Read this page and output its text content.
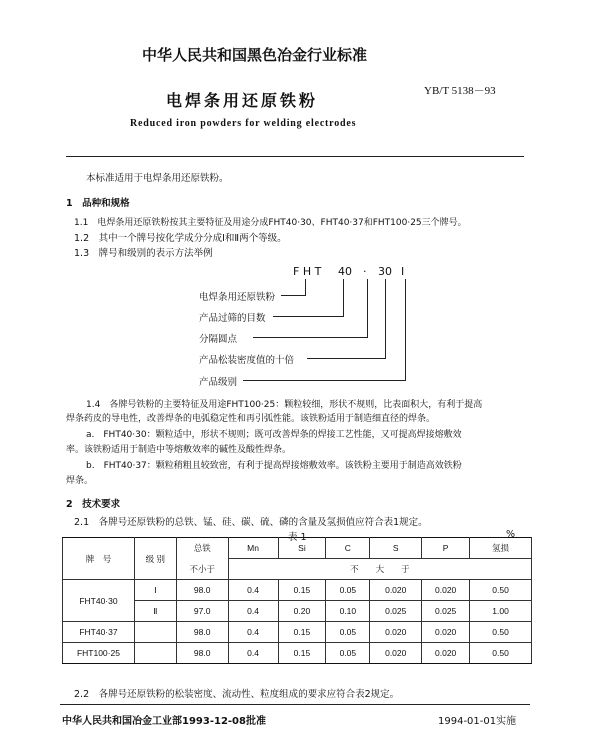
中华人民共和国黑色冶金行业标准
电焊条用还原铁粉	YB/T 5138－93
Reduced iron powders for welding electrodes
本标准适用于电焊条用还原铁粉。
1　品种和规格
1.1　电焊条用还原铁粉按其主要特征及用途分成FHT40·30、FHT40·37和FHT100·25三个牌号。
1.2　其中一个牌号按化学成分分成Ⅰ和Ⅱ两个等级。
1.3　牌号和级别的表示方法举例
F H T 40 · 30 Ⅰ
电焊条用还原铁粉
产品过筛的目数
分隔圆点
产品松装密度值的十倍
产品级别
1.4　各牌号铁粉的主要特征及用途FHT100·25：颗粒较细，形状不规则，比表面积大，有利于提高
焊条药皮的导电性，改善焊条的电弧稳定性和再引弧性能。该铁粉适用于制造细直径的焊条。
a.　FHT40·30：颗粒适中，形状不规则；既可改善焊条的焊接工艺性能，又可提高焊接熔敷效
率。该铁粉适用于制造中等熔敷效率的碱性及酸性焊条。
b.　FHT40·37：颗粒稍粗且较致密，有利于提高焊接熔敷效率。该铁粉主要用于制造高效铁粉
焊条。
2　技术要求
2.1　各牌号还原铁粉的总铁、锰、硅、碳、硫、磷的含量及氢损值应符合表1规定。
表 1	%
牌　号	级 别	总铁	Mn	Si	C	S	P	氢损
		不小于	不　　大　　于					
FHT40·30	Ⅰ	98.0	0.4	0.15	0.05	0.020	0.020	0.50
	Ⅱ	97.0	0.4	0.20	0.10	0.025	0.025	1.00
FHT40·37		98.0	0.4	0.15	0.05	0.020	0.020	0.50
FHT100·25		98.0	0.4	0.15	0.05	0.020	0.020	0.50
2.2　各牌号还原铁粉的松装密度、流动性、粒度组成的要求应符合表2规定。
中华人民共和国冶金工业部1993-12-08批准	1994-01-01实施
